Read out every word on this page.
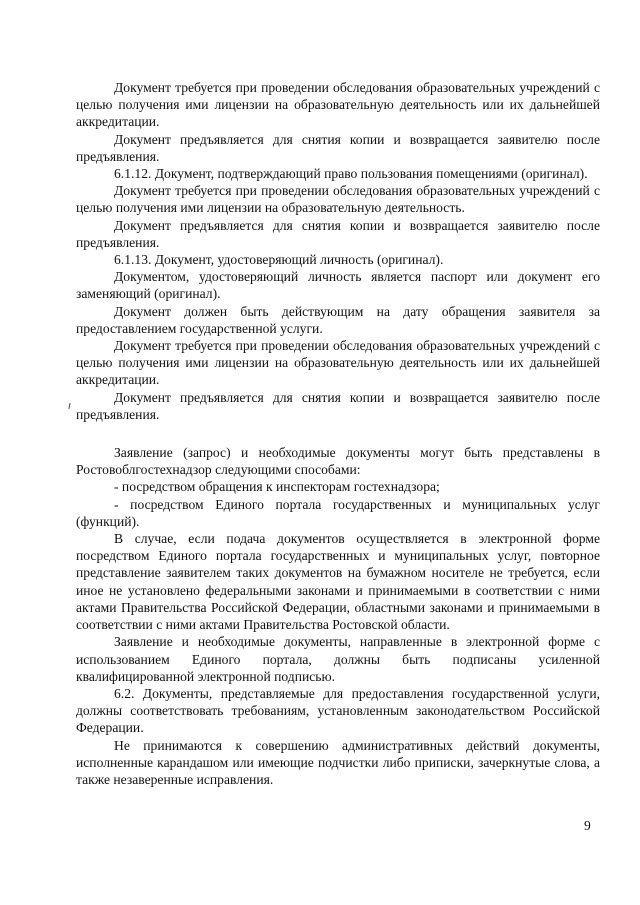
Документ требуется при проведении обследования образовательных учреждений с целью получения ими лицензии на образовательную деятельность или их дальнейшей аккредитации.

Документ предъявляется для снятия копии и возвращается заявителю после предъявления.

6.1.12. Документ, подтверждающий право пользования помещениями (оригинал).

Документ требуется при проведении обследования образовательных учреждений с целью получения ими лицензии на образовательную деятельность.

Документ предъявляется для снятия копии и возвращается заявителю после предъявления.

6.1.13. Документ, удостоверяющий личность (оригинал).

Документом, удостоверяющий личность является паспорт или документ его заменяющий (оригинал).

Документ должен быть действующим на дату обращения заявителя за предоставлением государственной услуги.

Документ требуется при проведении обследования образовательных учреждений с целью получения ими лицензии на образовательную деятельность или их дальнейшей аккредитации.

Документ предъявляется для снятия копии и возвращается заявителю после предъявления.

Заявление (запрос) и необходимые документы могут быть представлены в Ростовоблгостехнадзор следующими способами:

- посредством обращения к инспекторам гостехнадзора;

- посредством Единого портала государственных и муниципальных услуг (функций).

В случае, если подача документов осуществляется в электронной форме посредством Единого портала государственных и муниципальных услуг, повторное представление заявителем таких документов на бумажном носителе не требуется, если иное не установлено федеральными законами и принимаемыми в соответствии с ними актами Правительства Российской Федерации, областными законами и принимаемыми в соответствии с ними актами Правительства Ростовской области.

Заявление и необходимые документы, направленные в электронной форме с использованием Единого портала, должны быть подписаны усиленной квалифицированной электронной подписью.

6.2. Документы, представляемые для предоставления государственной услуги, должны соответствовать требованиям, установленным законодательством Российской Федерации.

Не принимаются к совершению административных действий документы, исполненные карандашом или имеющие подчистки либо приписки, зачеркнутые слова, а также незаверенные исправления.

9
